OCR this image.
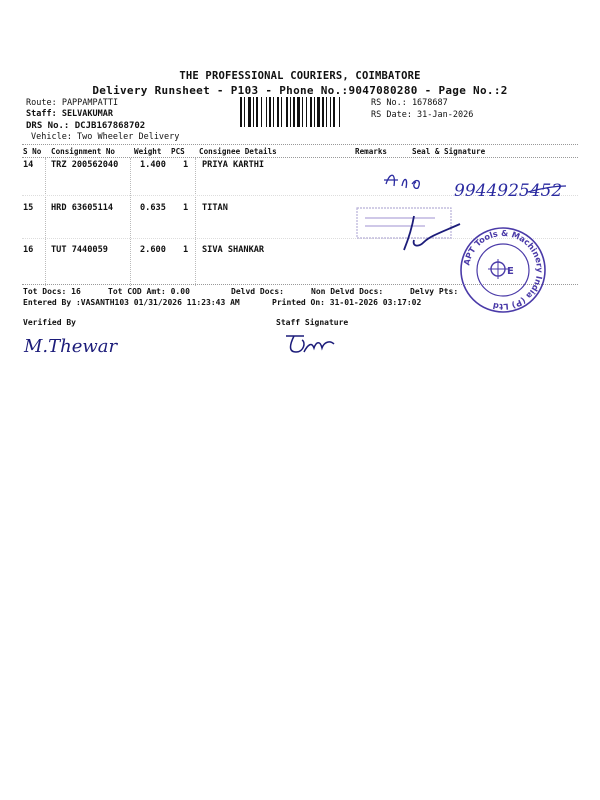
THE PROFESSIONAL COURIERS, COIMBATORE
Delivery Runsheet - P103 - Phone No.:9047080280 - Page No.:2
Route: PAPPAMPATTI
Staff: SELVAKUMAR
DRS No.: DCJB167868702
Vehicle: Two Wheeler Delivery
RS No.: 1678687
RS Date: 31-Jan-2026
S No Consignment No Weight PCS Consignee Details	Remarks	Seal & Signature
14 TRZ 200562040	1.400 1 PRIYA KARTHI
15 HRD 63605114	0.635 1 TITAN
16 TUT 7440059	2.600 1 SIVA SHANKAR
9944925452
APT Tools & Machinery India (P) Ltd
E
Tot Docs: 16	Tot COD Amt: 0.00	Delvd Docs:	Non Delvd Docs:	Delvy Pts:
Entered By :VASANTH103 01/31/2026 11:23:43 AM	Printed On: 31-01-2026 03:17:02
Verified By	Staff Signature
M.Thewar
